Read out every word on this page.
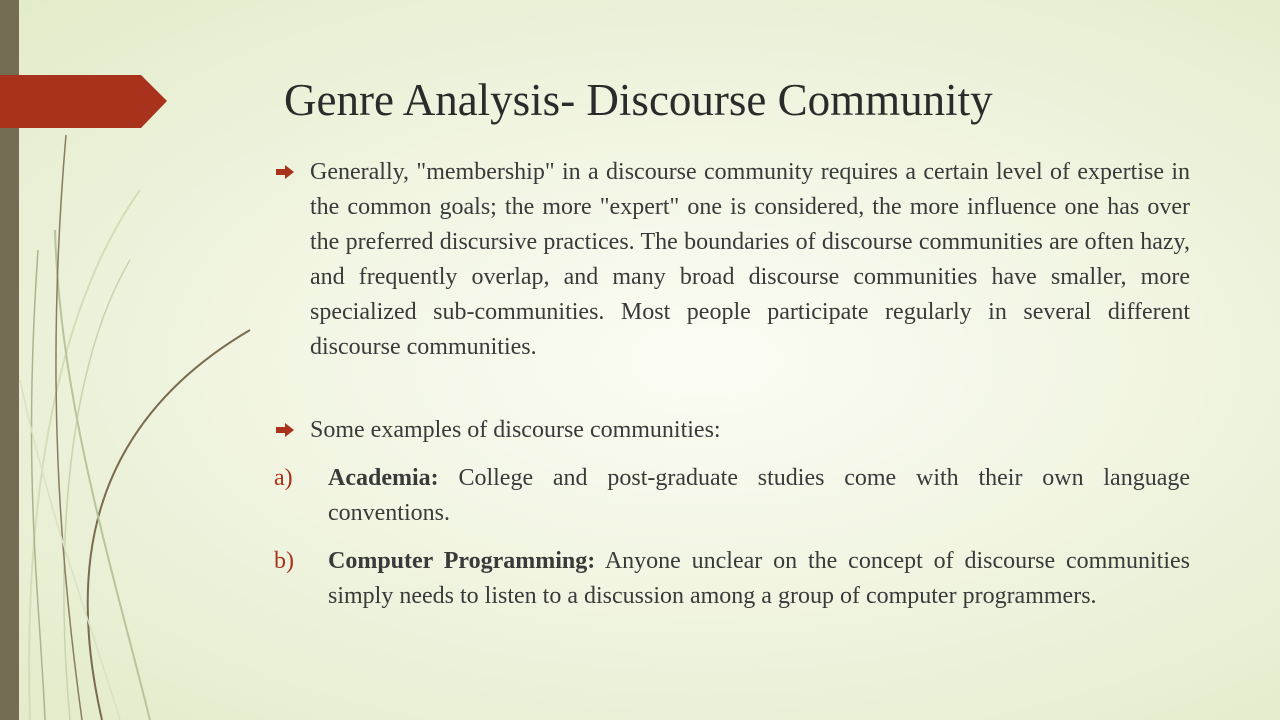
Genre Analysis- Discourse Community
Generally, "membership" in a discourse community requires a certain level of expertise in the common goals; the more "expert" one is considered, the more influence one has over the preferred discursive practices. The boundaries of discourse communities are often hazy, and frequently overlap, and many broad discourse communities have smaller, more specialized sub-communities. Most people participate regularly in several different discourse communities.
Some examples of discourse communities:
a) Academia: College and post-graduate studies come with their own language conventions.
b) Computer Programming: Anyone unclear on the concept of discourse communities simply needs to listen to a discussion among a group of computer programmers.
